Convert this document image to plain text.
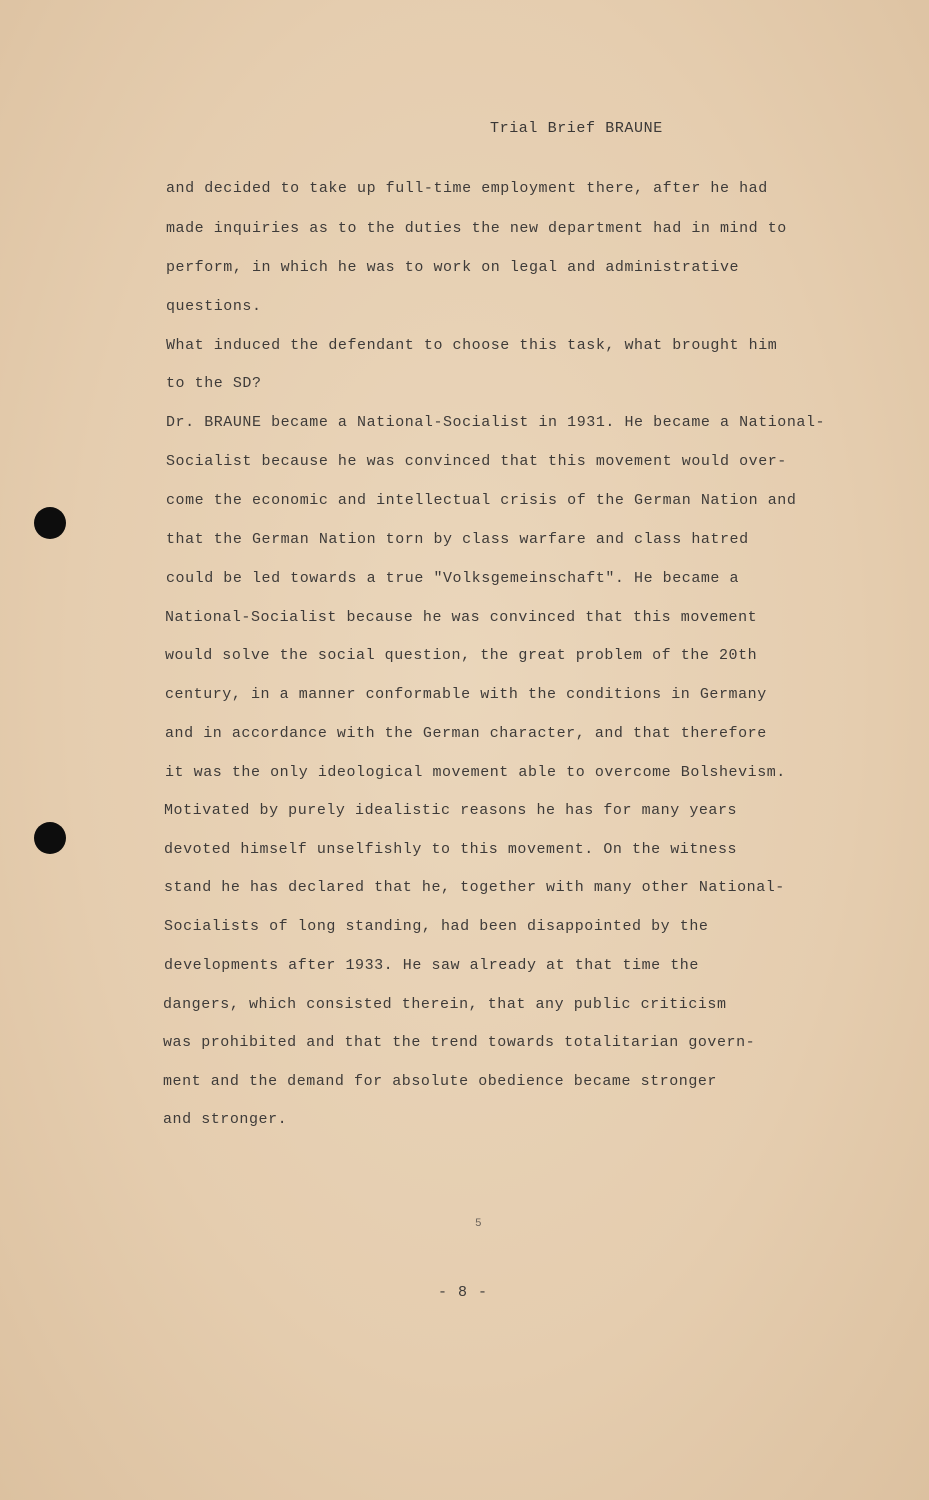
Trial Brief BRAUNE
and decided to take up full-time employment there, after he had
made inquiries as to the duties the new department had in mind to
perform, in which he was to work on legal and administrative
questions.
What induced the defendant to choose this task, what brought him
to the SD?
Dr. BRAUNE became a National-Socialist in 1931. He became a National-
Socialist because he was convinced that this movement would over-
come the economic and intellectual crisis of the German Nation and
that the German Nation torn by class warfare and class hatred
could be led towards a true "Volksgemeinschaft". He became a
National-Socialist because he was convinced that this movement
would solve the social question, the great problem of the 20th
century, in a manner conformable with the conditions in Germany
and in accordance with the German character, and that therefore
it was the only ideological movement able to overcome Bolshevism.
Motivated by purely idealistic reasons he has for many years
devoted himself unselfishly to this movement. On the witness
stand he has declared that he, together with many other National-
Socialists of long standing, had been disappointed by the
developments after 1933. He saw already at that time the
dangers, which consisted therein, that any public criticism
was prohibited and that the trend towards totalitarian govern-
ment and the demand for absolute obedience became stronger
and stronger.
5
- 8 -
